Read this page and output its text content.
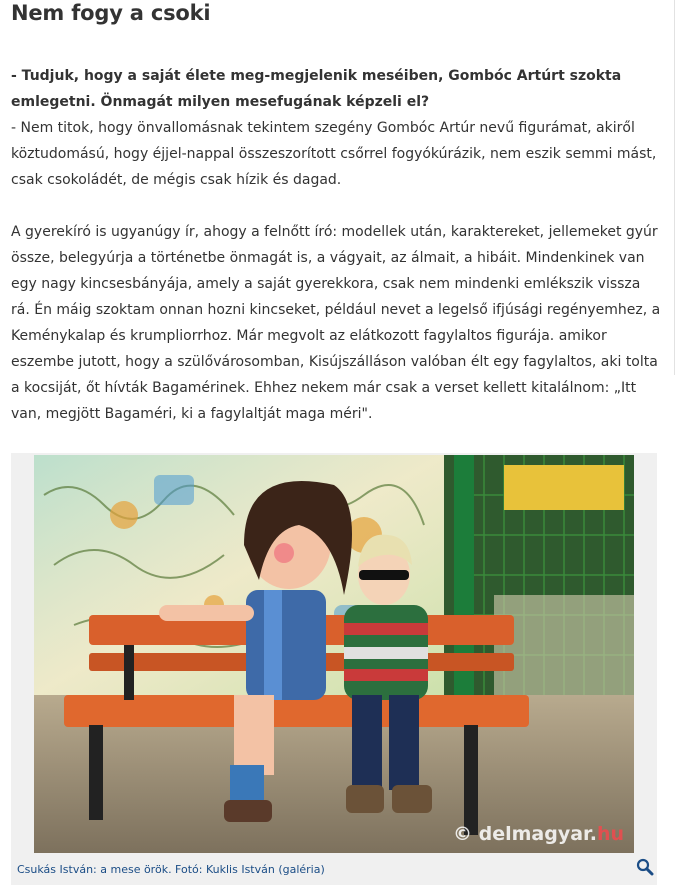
Nem fogy a csoki

- Tudjuk, hogy a saját élete meg-megjelenik meséiben, Gombóc Artúrt szokta emlegetni. Önmagát milyen mesefugának képzeli el?
- Nem titok, hogy önvallomásnak tekintem szegény Gombóc Artúr nevű figurámat, akiről köztudomású, hogy éjjel-nappal összeszorított csőrrel fogyókúrázik, nem eszik semmi mást, csak csokoládét, de mégis csak hízik és dagad.

A gyerekíró is ugyanúgy ír, ahogy a felnőtt író: modellek után, karaktereket, jellemeket gyúr össze, belegyúrja a történetbe önmagát is, a vágyait, az álmait, a hibáit. Mindenkinek van egy nagy kincsesbányája, amely a saját gyerekkora, csak nem mindenki emlékszik vissza rá. Én máig szoktam onnan hozni kincseket, például nevet a legelső ifjúsági regényemhez, a Keménykalap és krumpliorrhoz. Már megvolt az elátkozott fagylaltos figurája. amikor eszembe jutott, hogy a szülővárosomban, Kisújszálláson valóban élt egy fagylaltos, aki tolta a kocsiját, őt hívták Bagamérinek. Ehhez nekem már csak a verset kellett kitalálnom: „Itt van, megjött Bagaméri, ki a fagylaltját maga méri".

© delmagyar.hu
Csukás István: a mese örök. Fotó: Kuklis István (galéria)
